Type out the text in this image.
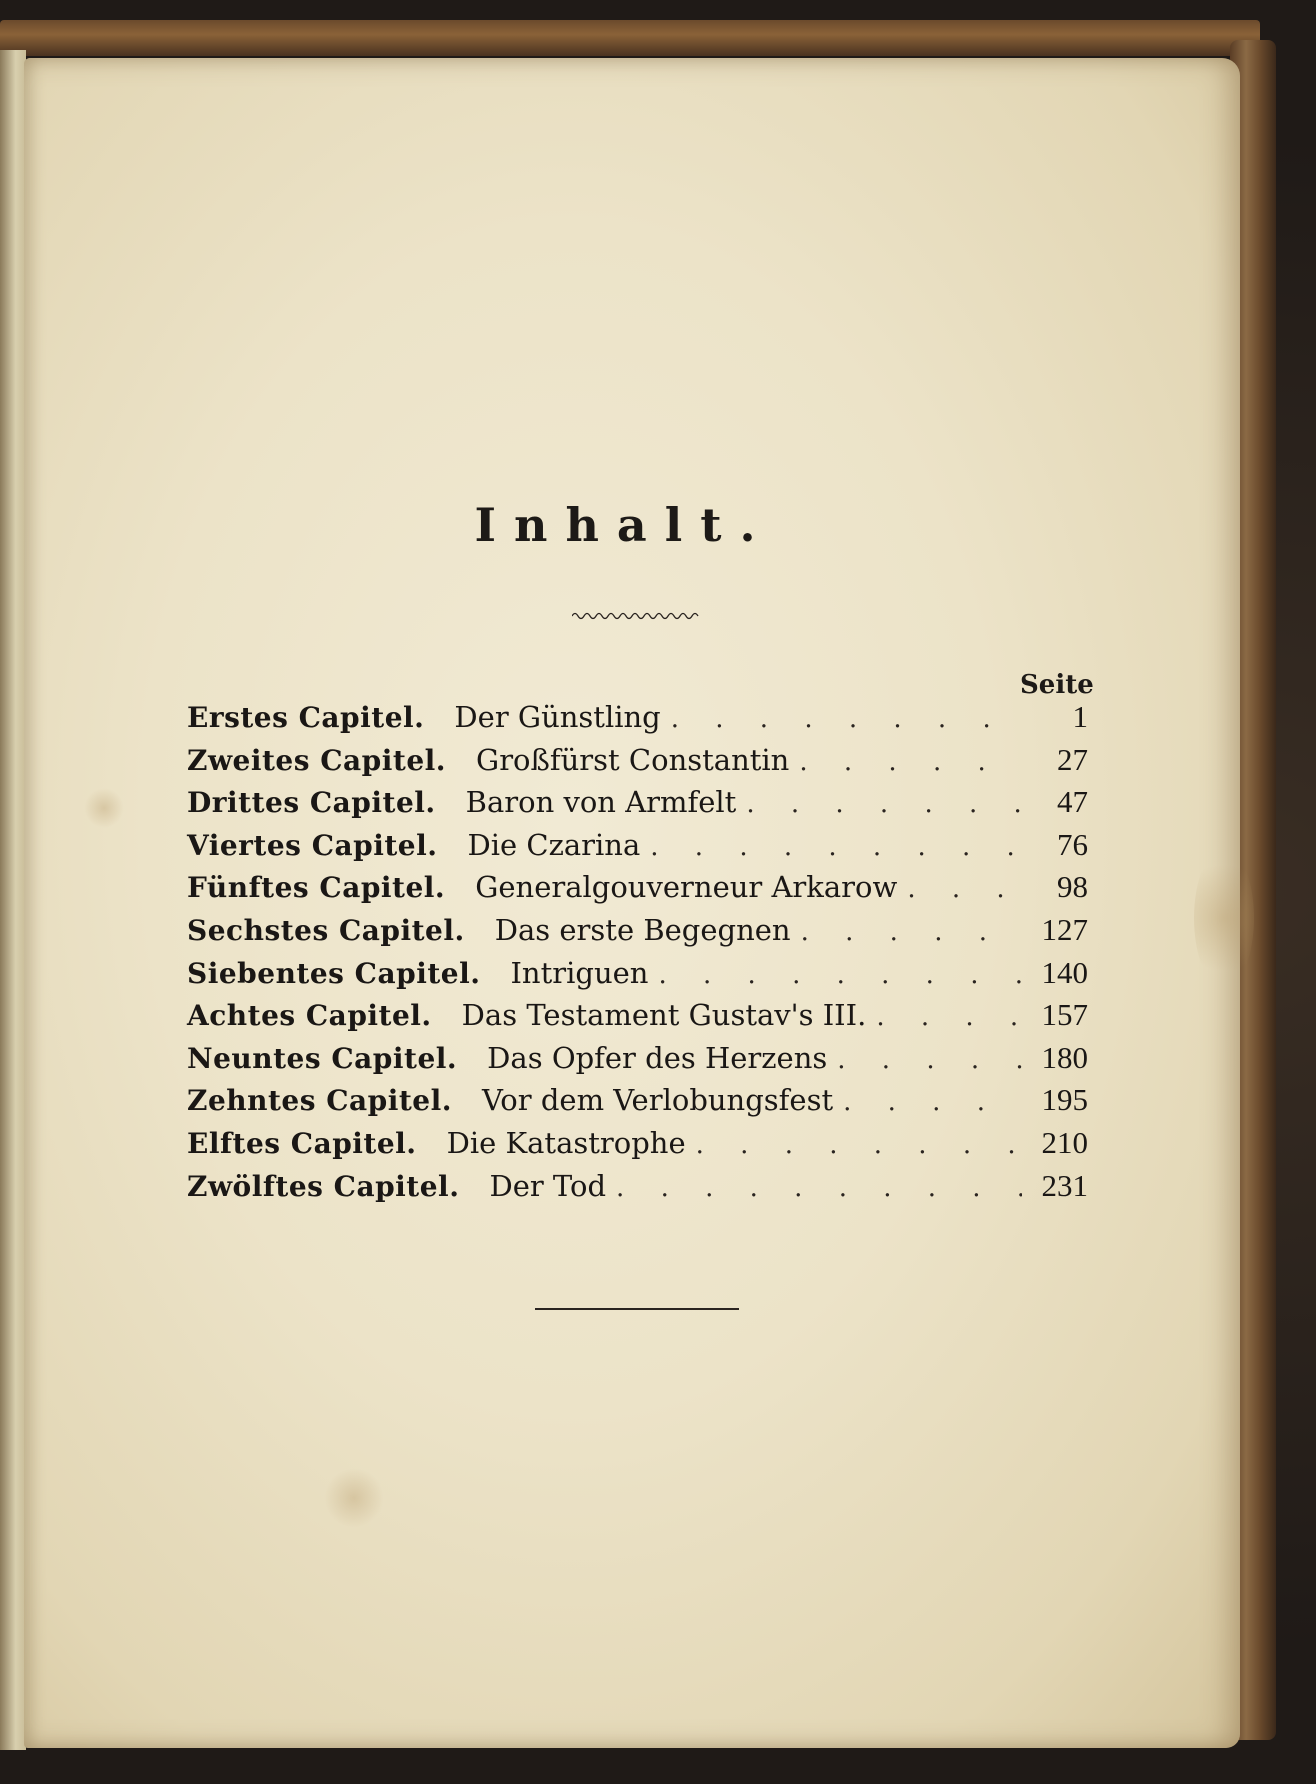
Inhalt.
Seite
Erstes Capitel. Der Günstling . . .	1
Zweites Capitel. Großfürst Constantin . . .	27
Drittes Capitel. Baron von Armfelt . . .	47
Viertes Capitel. Die Czarina . . .	76
Fünftes Capitel. Generalgouverneur Arkarow . . .	98
Sechstes Capitel. Das erste Begegnen . . .	127
Siebentes Capitel. Intriguen . . .	140
Achtes Capitel. Das Testament Gustav's III. . . .	157
Neuntes Capitel. Das Opfer des Herzens . . .	180
Zehntes Capitel. Vor dem Verlobungsfest . . .	195
Elftes Capitel. Die Katastrophe . . .	210
Zwölftes Capitel. Der Tod . . .	231
